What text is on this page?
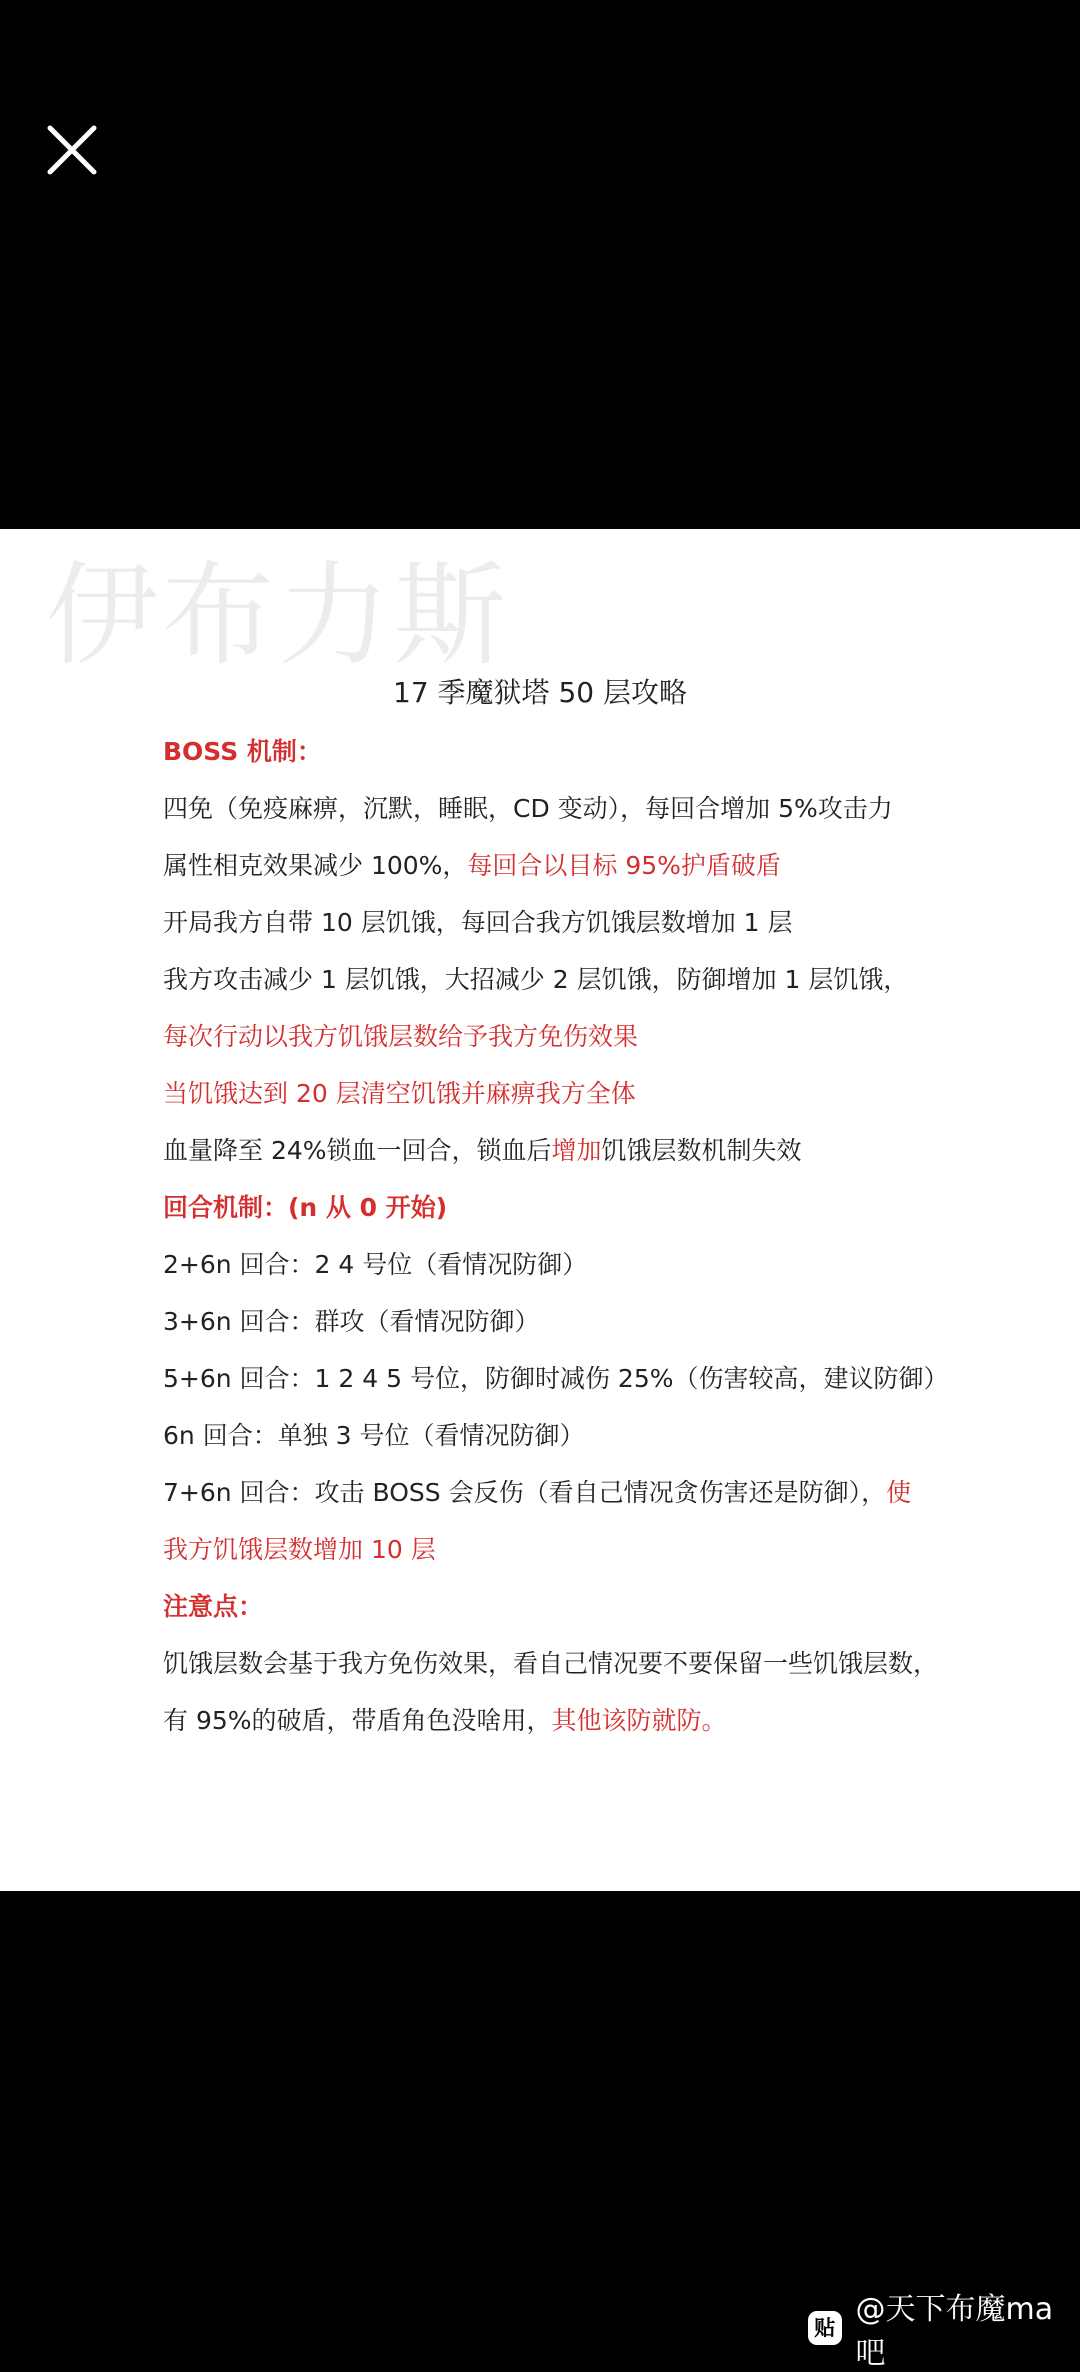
伊布力斯
17 季魔狱塔 50 层攻略
BOSS 机制：
四免（免疫麻痹，沉默，睡眠，CD 变动），每回合增加 5%攻击力
属性相克效果减少 100%，每回合以目标 95%护盾破盾
开局我方自带 10 层饥饿，每回合我方饥饿层数增加 1 层
我方攻击减少 1 层饥饿，大招减少 2 层饥饿，防御增加 1 层饥饿，
每次行动以我方饥饿层数给予我方免伤效果
当饥饿达到 20 层清空饥饿并麻痹我方全体
血量降至 24%锁血一回合，锁血后增加饥饿层数机制失效
回合机制：(n 从 0 开始)
2+6n 回合：2 4 号位（看情况防御）
3+6n 回合：群攻（看情况防御）
5+6n 回合：1 2 4 5 号位，防御时减伤 25%（伤害较高，建议防御）
6n 回合：单独 3 号位（看情况防御）
7+6n 回合：攻击 BOSS 会反伤（看自己情况贪伤害还是防御），使
我方饥饿层数增加 10 层
注意点：
饥饿层数会基于我方免伤效果，看自己情况要不要保留一些饥饿层数，
有 95%的破盾，带盾角色没啥用，其他该防就防。
贴
@天下布魔ma吧
